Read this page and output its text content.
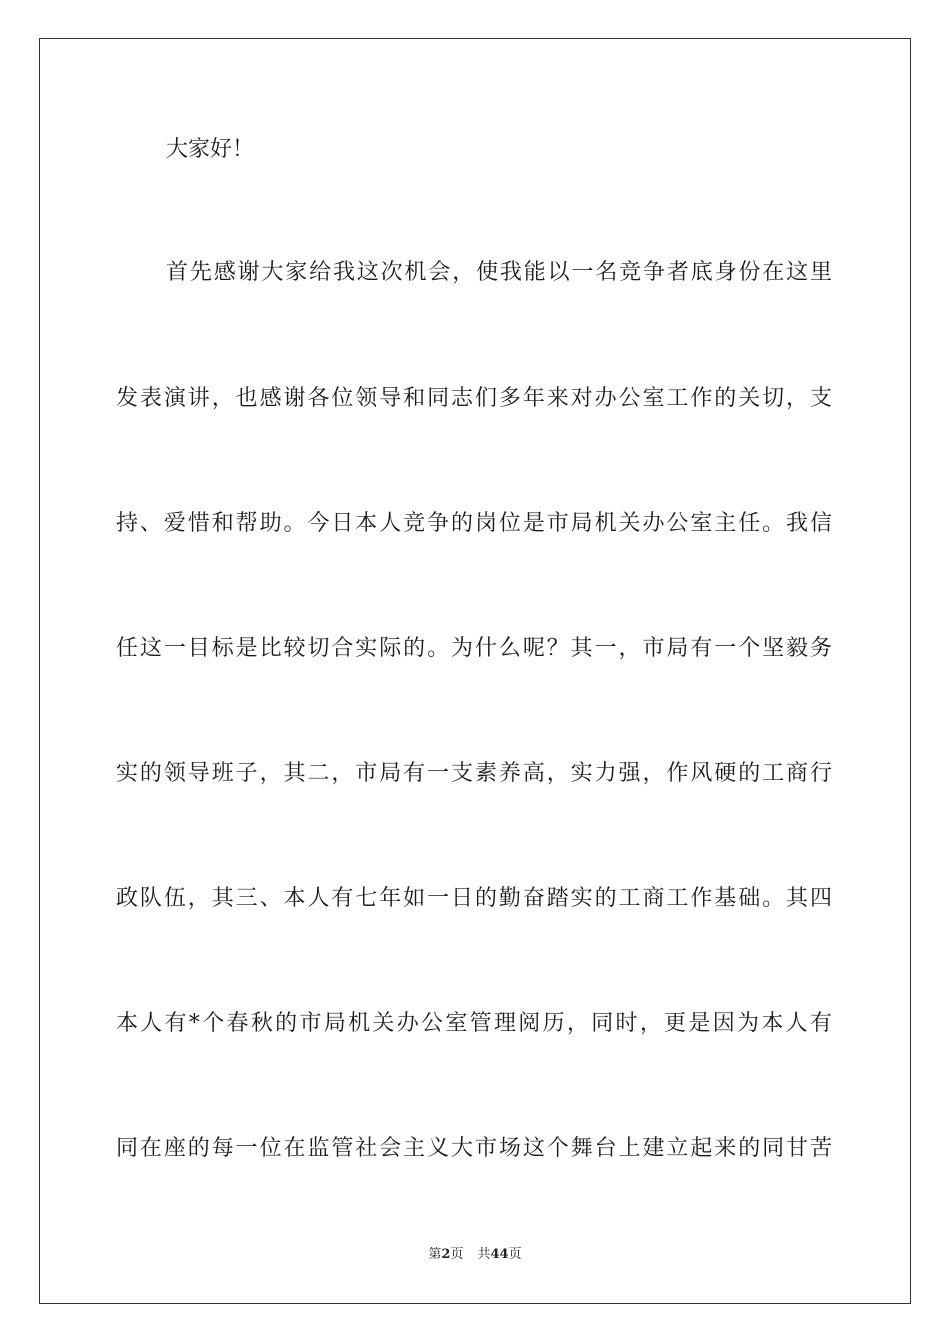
大家好！
首先感谢大家给我这次机会，使我能以一名竞争者底身份在这里
发表演讲，也感谢各位领导和同志们多年来对办公室工作的关切，支
持、爱惜和帮助。今日本人竞争的岗位是市局机关办公室主任。我信
任这一目标是比较切合实际的。为什么呢？其一，市局有一个坚毅务
实的领导班子，其二，市局有一支素养高，实力强，作风硬的工商行
政队伍，其三、本人有七年如一日的勤奋踏实的工商工作基础。其四
本人有*个春秋的市局机关办公室管理阅历，同时，更是因为本人有
同在座的每一位在监管社会主义大市场这个舞台上建立起来的同甘苦
第2页 共44页
